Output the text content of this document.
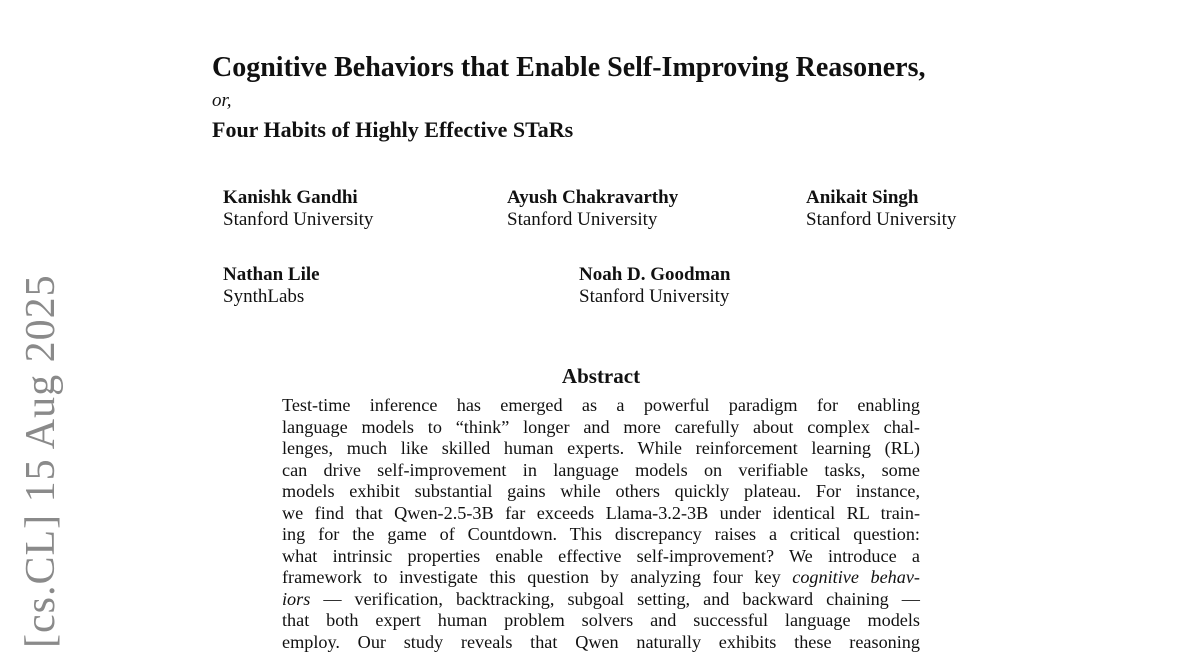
[cs.CL] 15 Aug 2025
Cognitive Behaviors that Enable Self-Improving Reasoners,
or,
Four Habits of Highly Effective STaRs
Kanishk Gandhi
Stanford University
Ayush Chakravarthy
Stanford University
Anikait Singh
Stanford University
Nathan Lile
SynthLabs
Noah D. Goodman
Stanford University
Abstract
Test-time inference has emerged as a powerful paradigm for enabling
language models to “think” longer and more carefully about complex chal-
lenges, much like skilled human experts. While reinforcement learning (RL)
can drive self-improvement in language models on verifiable tasks, some
models exhibit substantial gains while others quickly plateau. For instance,
we find that Qwen-2.5-3B far exceeds Llama-3.2-3B under identical RL train-
ing for the game of Countdown. This discrepancy raises a critical question:
what intrinsic properties enable effective self-improvement? We introduce a
framework to investigate this question by analyzing four key cognitive behav-
iors — verification, backtracking, subgoal setting, and backward chaining —
that both expert human problem solvers and successful language models
employ. Our study reveals that Qwen naturally exhibits these reasoning
